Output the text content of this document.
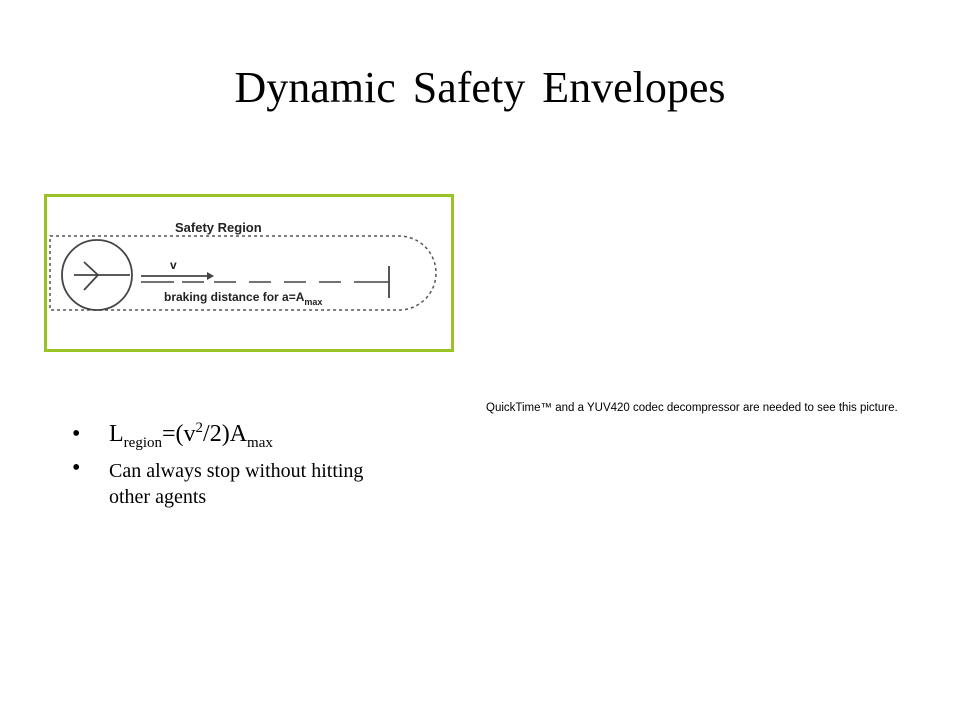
Dynamic Safety Envelopes
Safety Region
v
braking distance for $a=A_{max}$
QuickTime™ and a YUV420 codec decompressor are needed to see this picture.
• $L_{region}=(v^2/2)A_{max}$
• Can always stop without hitting other agents
